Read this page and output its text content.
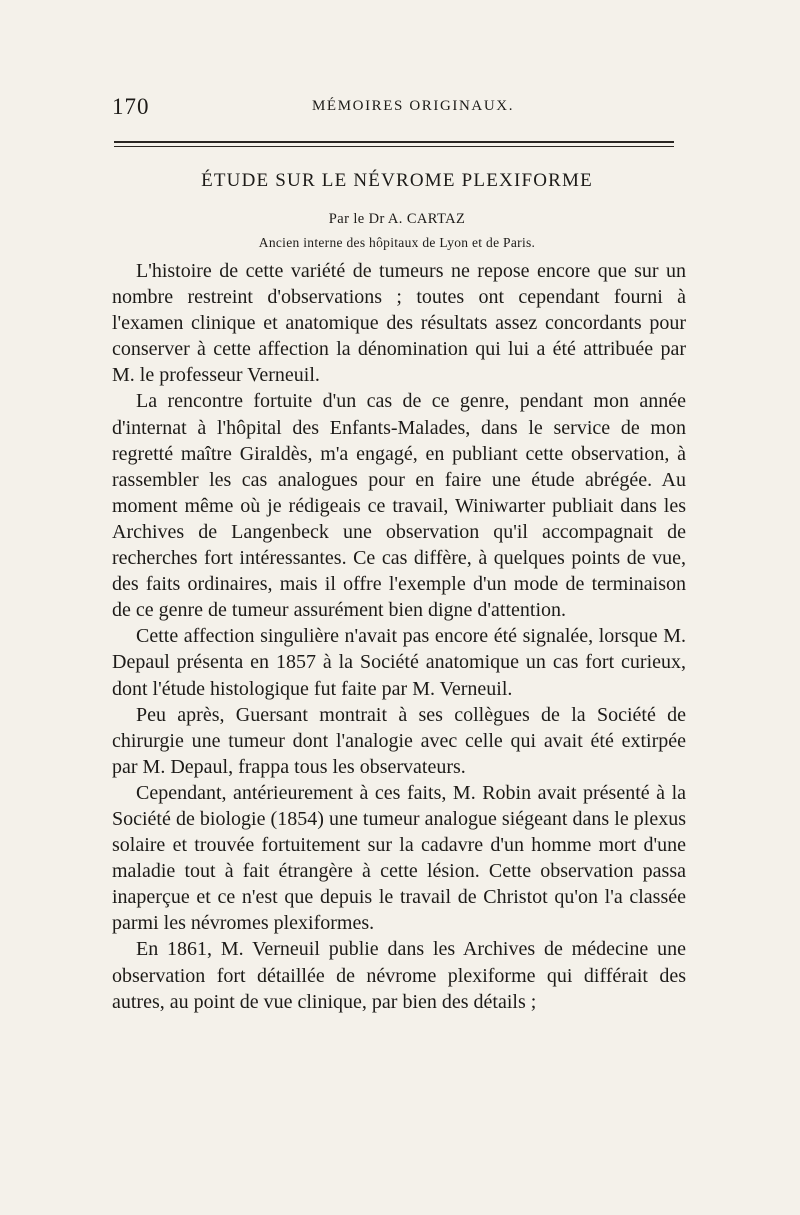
170	MÉMOIRES ORIGINAUX.
ÉTUDE SUR LE NÉVROME PLEXIFORME
Par le Dr A. CARTAZ
Ancien interne des hôpitaux de Lyon et de Paris.

L'histoire de cette variété de tumeurs ne repose encore que sur un nombre restreint d'observations ; toutes ont cependant fourni à l'examen clinique et anatomique des résultats assez concordants pour conserver à cette affection la dénomination qui lui a été attribuée par M. le professeur Verneuil.

La rencontre fortuite d'un cas de ce genre, pendant mon année d'internat à l'hôpital des Enfants-Malades, dans le service de mon regretté maître Giraldès, m'a engagé, en publiant cette observation, à rassembler les cas analogues pour en faire une étude abrégée. Au moment même où je rédigeais ce travail, Winiwarter publiait dans les Archives de Langenbeck une observation qu'il accompagnait de recherches fort intéressantes. Ce cas diffère, à quelques points de vue, des faits ordinaires, mais il offre l'exemple d'un mode de terminaison de ce genre de tumeur assurément bien digne d'attention.

Cette affection singulière n'avait pas encore été signalée, lorsque M. Depaul présenta en 1857 à la Société anatomique un cas fort curieux, dont l'étude histologique fut faite par M. Verneuil.

Peu après, Guersant montrait à ses collègues de la Société de chirurgie une tumeur dont l'analogie avec celle qui avait été extirpée par M. Depaul, frappa tous les observateurs.

Cependant, antérieurement à ces faits, M. Robin avait présenté à la Société de biologie (1854) une tumeur analogue siégeant dans le plexus solaire et trouvée fortuitement sur la cadavre d'un homme mort d'une maladie tout à fait étrangère à cette lésion. Cette observation passa inaperçue et ce n'est que depuis le travail de Christot qu'on l'a classée parmi les névromes plexiformes.

En 1861, M. Verneuil publie dans les Archives de médecine une observation fort détaillée de névrome plexiforme qui différait des autres, au point de vue clinique, par bien des détails ;
